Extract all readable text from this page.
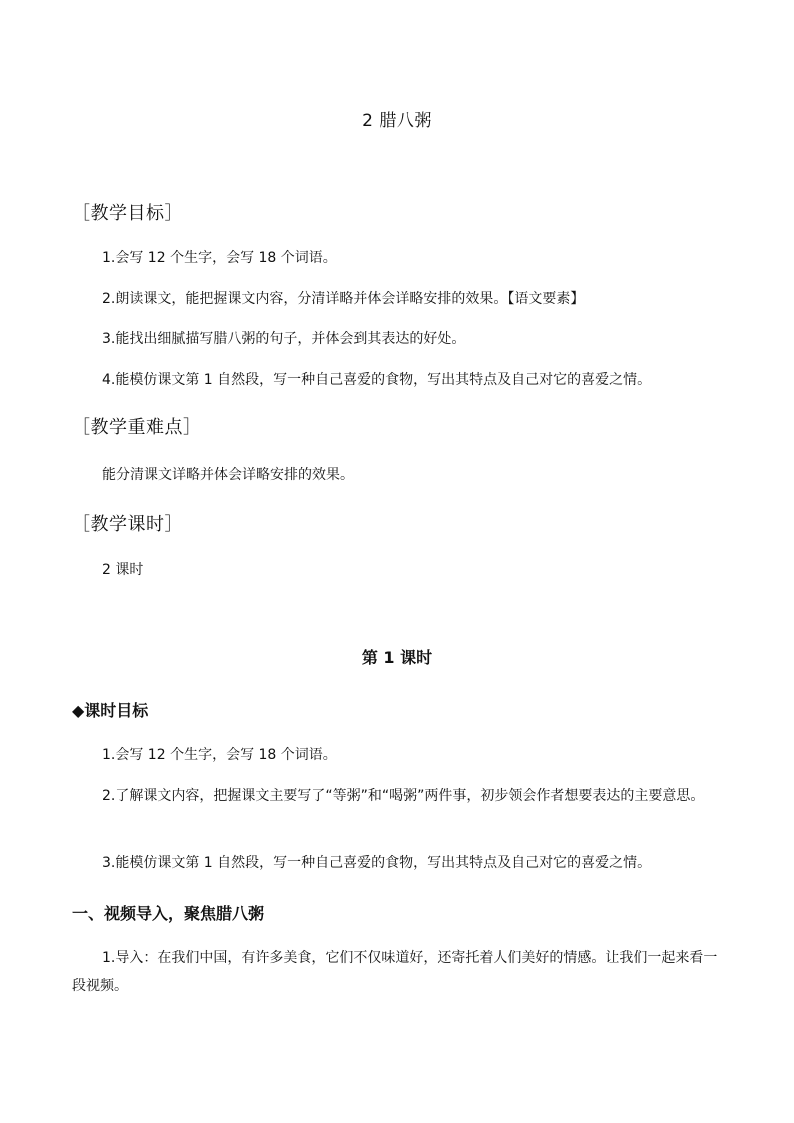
2 腊八粥
［教学目标］
1.会写 12 个生字，会写 18 个词语。
2.朗读课文，能把握课文内容，分清详略并体会详略安排的效果。【语文要素】
3.能找出细腻描写腊八粥的句子，并体会到其表达的好处。
4.能模仿课文第 1 自然段，写一种自己喜爱的食物，写出其特点及自己对它的喜爱之情。
［教学重难点］
能分清课文详略并体会详略安排的效果。
［教学课时］
2 课时
第 1 课时
◆课时目标
1.会写 12 个生字，会写 18 个词语。
2.了解课文内容，把握课文主要写了“等粥”和“喝粥”两件事，初步领会作者想要表达的主要意思。
3.能模仿课文第 1 自然段，写一种自己喜爱的食物，写出其特点及自己对它的喜爱之情。
一、视频导入，聚焦腊八粥
1.导入：在我们中国，有许多美食，它们不仅味道好，还寄托着人们美好的情感。让我们一起来看一段视频。
